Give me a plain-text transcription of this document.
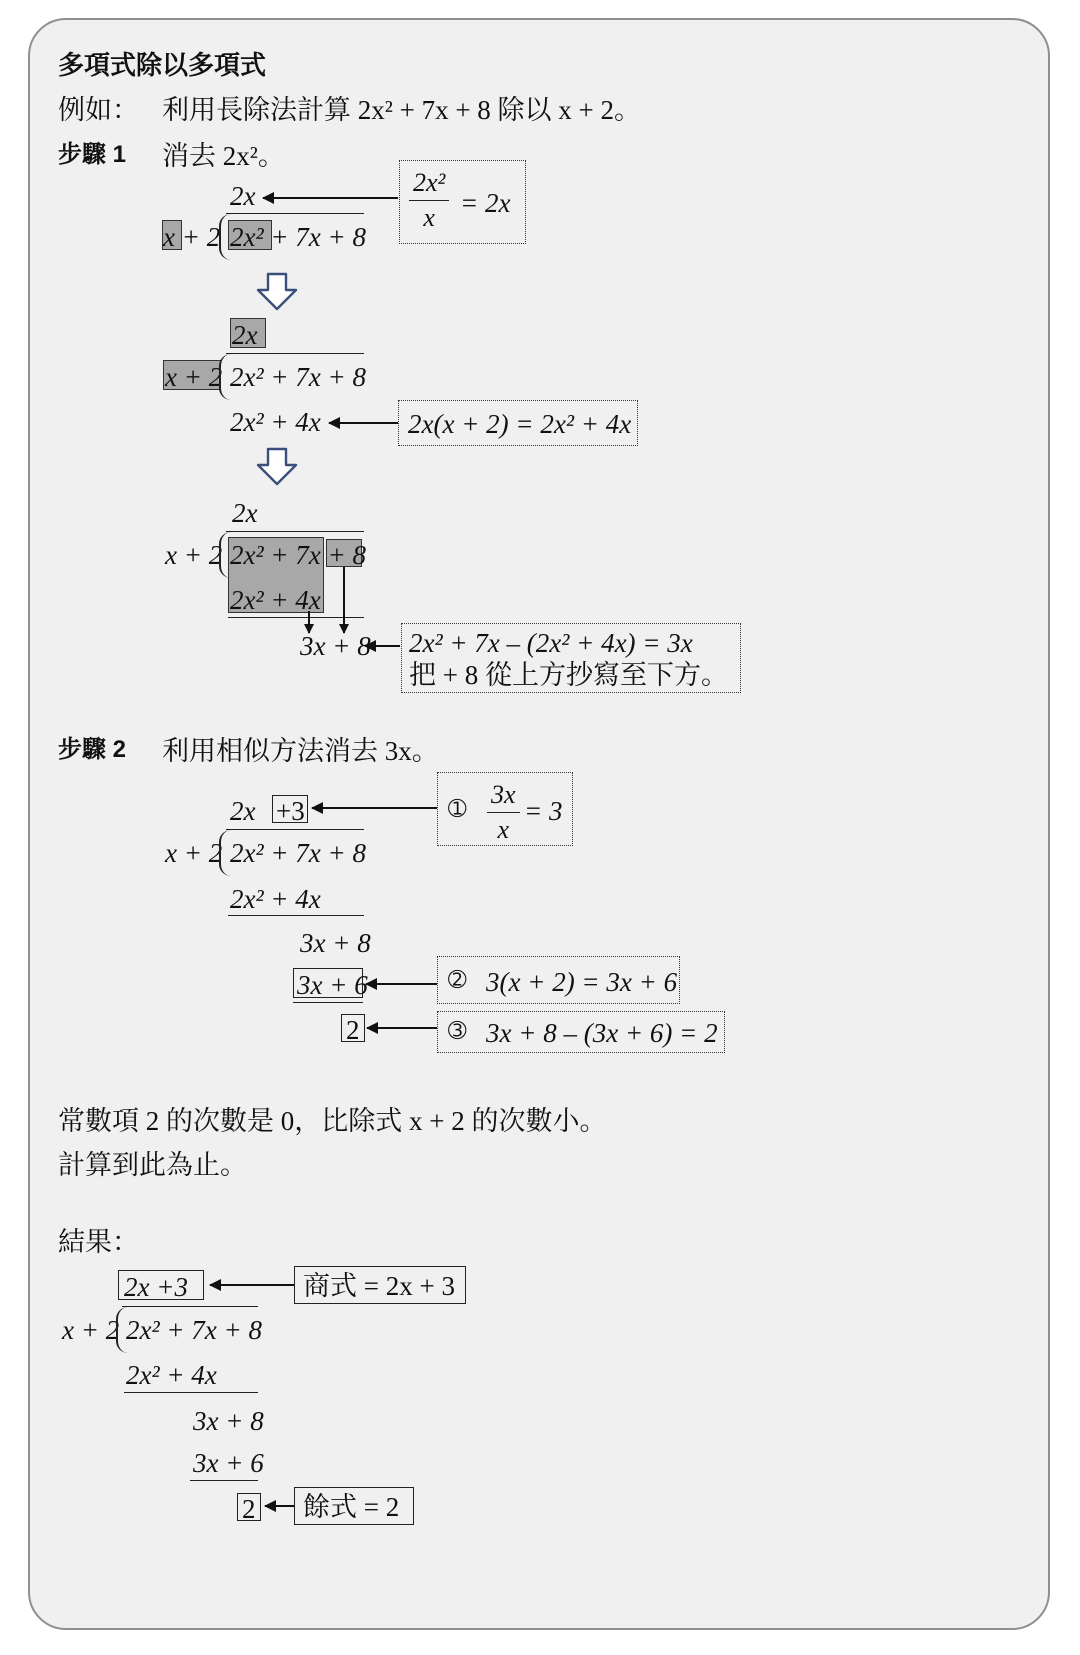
多項式除以多項式
例如： 利用長除法計算 2x² + 7x + 8 除以 x + 2。
步驟 1 消去 2x²。
2x
x + 2 2x² + 7x + 8
$\frac{\text{2x²}}{x} = 2x$
2x
x + 2 2x² + 7x + 8
2x² + 4x	2x(x + 2) = 2x² + 4x
2x
x + 2 2x² + 7x + 8
2x² + 4x
3x + 8 2x² + 7x – (2x² + 4x) = 3x
把 + 8 從上方抄寫至下方。
步驟 2 利用相似方法消去 3x。
2x +3	➀ $\frac{3x}{x} = 3$
x + 2 2x² + 7x + 8
2x² + 4x
3x + 8
3x + 6	➁ 3(x + 2) = 3x + 6
2	➂ 3x + 8 – (3x + 6) = 2
常數項 2 的次數是 0，比除式 x + 2 的次數小。
計算到此為止。
結果：
2x +3	商式 = 2x + 3
x + 2 2x² + 7x + 8
2x² + 4x
3x + 8
3x + 6
2 餘式 = 2
